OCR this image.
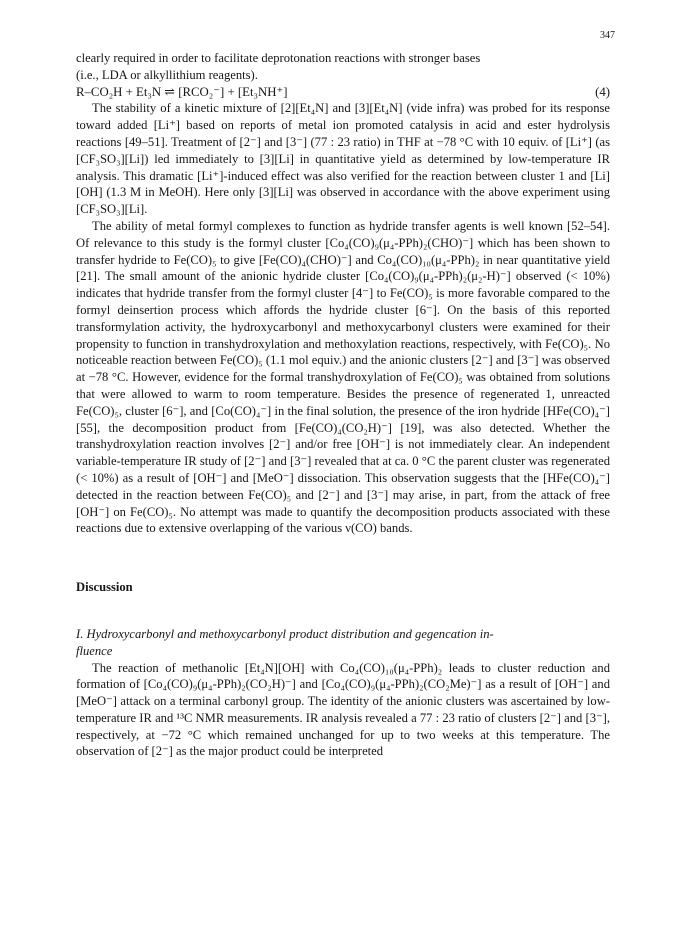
347

clearly required in order to facilitate deprotonation reactions with stronger bases

(i.e., LDA or alkyllithium reagents).

R–CO₂H + Et₃N ⇌ [RCO₂⁻] + [Et₃NH⁺]	(4)

The stability of a kinetic mixture of [2][Et₄N] and [3][Et₄N] (vide infra) was probed for its response toward added [Li⁺] based on reports of metal ion promoted catalysis in acid and ester hydrolysis reactions [49–51]. Treatment of [2⁻] and [3⁻] (77 : 23 ratio) in THF at −78 °C with 10 equiv. of [Li⁺] (as [CF₃SO₃][Li]) led immediately to [3][Li] in quantitative yield as determined by low-temperature IR analysis. This dramatic [Li⁺]-induced effect was also verified for the reaction between cluster 1 and [Li][OH] (1.3 M in MeOH). Here only [3][Li] was observed in accordance with the above experiment using [CF₃SO₃][Li].

The ability of metal formyl complexes to function as hydride transfer agents is well known [52–54]. Of relevance to this study is the formyl cluster [Co₄(CO)₉(μ₄-PPh)₂(CHO)⁻] which has been shown to transfer hydride to Fe(CO)₅ to give [Fe(CO)₄(CHO)⁻] and Co₄(CO)₁₀(μ₄-PPh)₂ in near quantitative yield [21]. The small amount of the anionic hydride cluster [Co₄(CO)₉(μ₄-PPh)₂(μ₂-H)⁻] observed (< 10%) indicates that hydride transfer from the formyl cluster [4⁻] to Fe(CO)₅ is more favorable compared to the formyl deinsertion process which affords the hydride cluster [6⁻]. On the basis of this reported transformylation activity, the hydroxycarbonyl and methoxycarbonyl clusters were examined for their propensity to function in transhydroxylation and methoxylation reactions, respectively, with Fe(CO)₅. No noticeable reaction between Fe(CO)₅ (1.1 mol equiv.) and the anionic clusters [2⁻] and [3⁻] was observed at −78 °C. However, evidence for the formal transhydroxylation of Fe(CO)₅ was obtained from solutions that were allowed to warm to room temperature. Besides the presence of regenerated 1, unreacted Fe(CO)₅, cluster [6⁻], and [Co(CO)₄⁻] in the final solution, the presence of the iron hydride [HFe(CO)₄⁻] [55], the decomposition product from [Fe(CO)₄(CO₂H)⁻] [19], was also detected. Whether the transhydroxylation reaction involves [2⁻] and/or free [OH⁻] is not immediately clear. An independent variable-temperature IR study of [2⁻] and [3⁻] revealed that at ca. 0 °C the parent cluster was regenerated (< 10%) as a result of [OH⁻] and [MeO⁻] dissociation. This observation suggests that the [HFe(CO)₄⁻] detected in the reaction between Fe(CO)₅ and [2⁻] and [3⁻] may arise, in part, from the attack of free [OH⁻] on Fe(CO)₅. No attempt was made to quantify the decomposition products associated with these reactions due to extensive overlapping of the various ν(CO) bands.

Discussion

I. Hydroxycarbonyl and methoxycarbonyl product distribution and gegencation in-

fluence

The reaction of methanolic [Et₄N][OH] with Co₄(CO)₁₀(μ₄-PPh)₂ leads to cluster reduction and formation of [Co₄(CO)₉(μ₄-PPh)₂(CO₂H)⁻] and [Co₄(CO)₉(μ₄-PPh)₂(CO₂Me)⁻] as a result of [OH⁻] and [MeO⁻] attack on a terminal carbonyl group. The identity of the anionic clusters was ascertained by low-temperature IR and ¹³C NMR measurements. IR analysis revealed a 77 : 23 ratio of clusters [2⁻] and [3⁻], respectively, at −72 °C which remained unchanged for up to two weeks at this temperature. The observation of [2⁻] as the major product could be interpreted
